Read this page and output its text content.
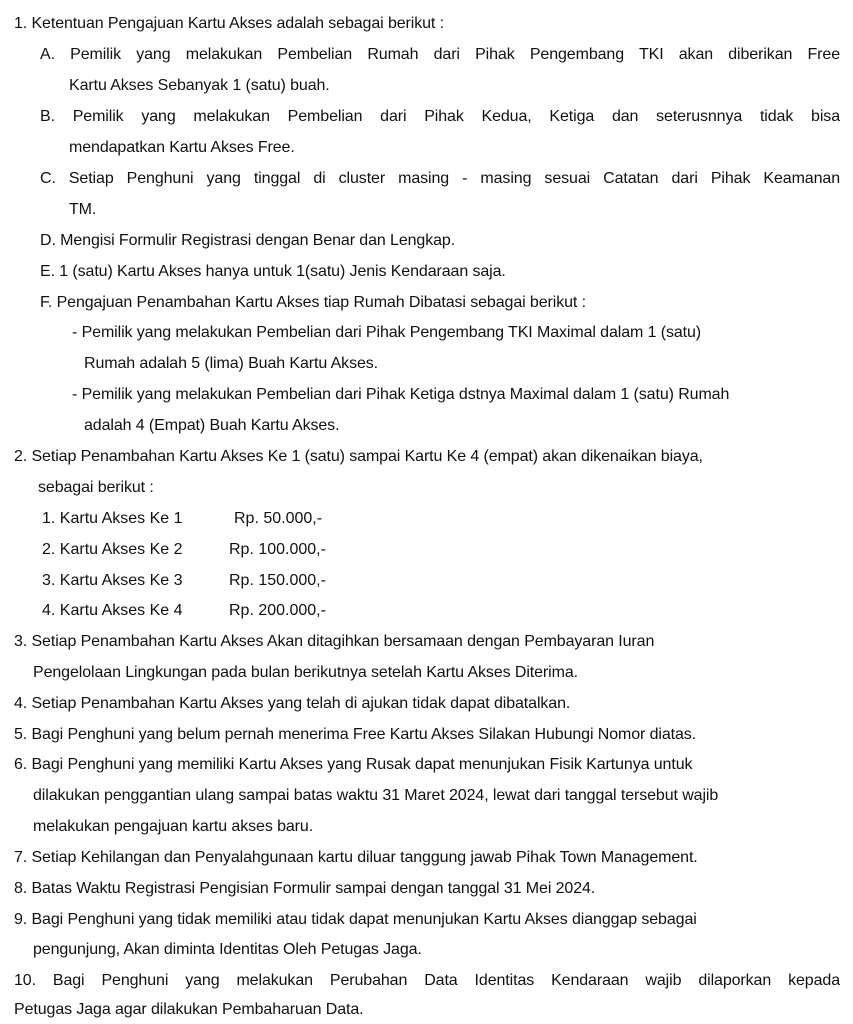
1. Ketentuan Pengajuan Kartu Akses adalah sebagai berikut :
A. Pemilik yang melakukan Pembelian Rumah dari Pihak Pengembang TKI akan diberikan Free
Kartu Akses Sebanyak 1 (satu) buah.
B. Pemilik yang melakukan Pembelian dari Pihak Kedua, Ketiga dan seterusnnya tidak bisa
mendapatkan Kartu Akses Free.
C. Setiap Penghuni yang tinggal di cluster masing - masing sesuai Catatan dari Pihak Keamanan
TM.
D. Mengisi Formulir Registrasi dengan Benar dan Lengkap.
E. 1 (satu) Kartu Akses hanya untuk 1(satu) Jenis Kendaraan saja.
F. Pengajuan Penambahan Kartu Akses tiap Rumah Dibatasi sebagai berikut :
- Pemilik yang melakukan Pembelian dari Pihak Pengembang TKI Maximal dalam 1 (satu)
Rumah adalah 5 (lima) Buah Kartu Akses.
- Pemilik yang melakukan Pembelian dari Pihak Ketiga dstnya Maximal dalam 1 (satu) Rumah
adalah 4 (Empat) Buah Kartu Akses.
2. Setiap Penambahan Kartu Akses Ke 1 (satu) sampai Kartu Ke 4 (empat) akan dikenaikan biaya,
sebagai berikut :
1. Kartu Akses Ke 1	Rp. 50.000,-
2. Kartu Akses Ke 2	Rp. 100.000,-
3. Kartu Akses Ke 3	Rp. 150.000,-
4. Kartu Akses Ke 4	Rp. 200.000,-
3. Setiap Penambahan Kartu Akses Akan ditagihkan bersamaan dengan Pembayaran Iuran
Pengelolaan Lingkungan pada bulan berikutnya setelah Kartu Akses Diterima.
4. Setiap Penambahan Kartu Akses yang telah di ajukan tidak dapat dibatalkan.
5. Bagi Penghuni yang belum pernah menerima Free Kartu Akses Silakan Hubungi Nomor diatas.
6. Bagi Penghuni yang memiliki Kartu Akses yang Rusak dapat menunjukan Fisik Kartunya untuk
dilakukan penggantian ulang sampai batas waktu 31 Maret 2024, lewat dari tanggal tersebut wajib
melakukan pengajuan kartu akses baru.
7. Setiap Kehilangan dan Penyalahgunaan kartu diluar tanggung jawab Pihak Town Management.
8. Batas Waktu Registrasi Pengisian Formulir sampai dengan tanggal 31 Mei 2024.
9. Bagi Penghuni yang tidak memiliki atau tidak dapat menunjukan Kartu Akses dianggap sebagai
pengunjung, Akan diminta Identitas Oleh Petugas Jaga.
10. Bagi Penghuni yang melakukan Perubahan Data Identitas Kendaraan wajib dilaporkan kepada
Petugas Jaga agar dilakukan Pembaharuan Data.
